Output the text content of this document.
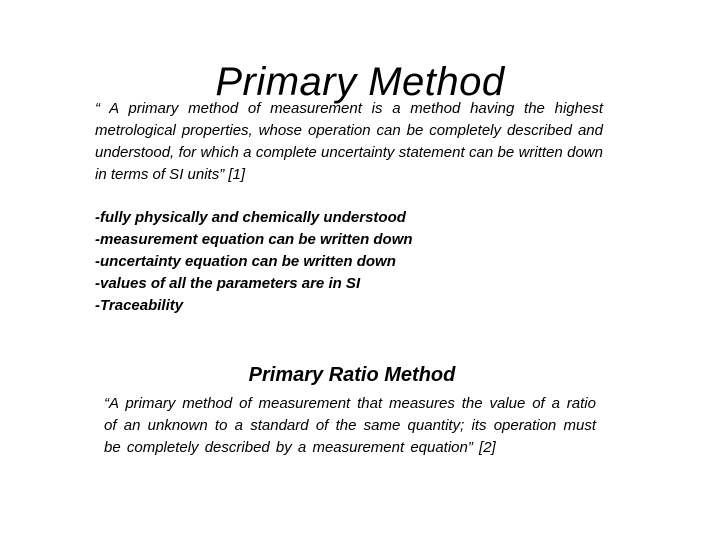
Primary Method

“ A primary method of measurement is a method having the highest metrological properties, whose operation can be completely described and understood, for which a complete uncertainty statement can be written down in terms of SI units” [1]

-fully physically and chemically understood
-measurement equation can be written down
-uncertainty equation can be written down
-values of all the parameters are in SI
-Traceability
Primary Ratio Method

“A primary method of measurement that measures the value of a ratio of an unknown to a standard of the same quantity; its operation must be completely described by a measurement equation” [2]
